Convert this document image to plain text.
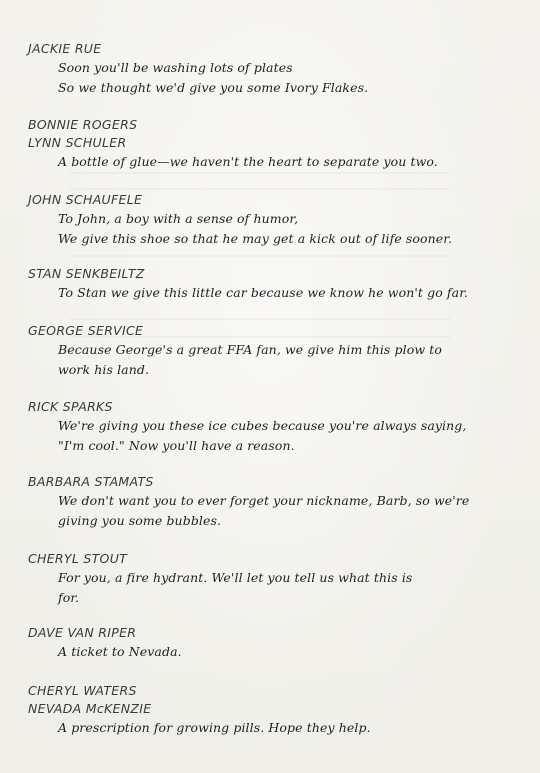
JACKIE RUE
Soon you'll be washing lots of plates
So we thought we'd give you some Ivory Flakes.
BONNIE ROGERS
LYNN SCHULER
A bottle of glue—we haven't the heart to separate you two.
JOHN SCHAUFELE
To John, a boy with a sense of humor,
We give this shoe so that he may get a kick out of life sooner.
STAN SENKBEILTZ
To Stan we give this little car because we know he won't go far.
GEORGE SERVICE
Because George's a great FFA fan, we give him this plow to
work his land.
RICK SPARKS
We're giving you these ice cubes because you're always saying,
"I'm cool." Now you'll have a reason.
BARBARA STAMATS
We don't want you to ever forget your nickname, Barb, so we're
giving you some bubbles.
CHERYL STOUT
For you, a fire hydrant. We'll let you tell us what this is
for.
DAVE VAN RIPER
A ticket to Nevada.
CHERYL WATERS
NEVADA McKENZIE
A prescription for growing pills. Hope they help.
